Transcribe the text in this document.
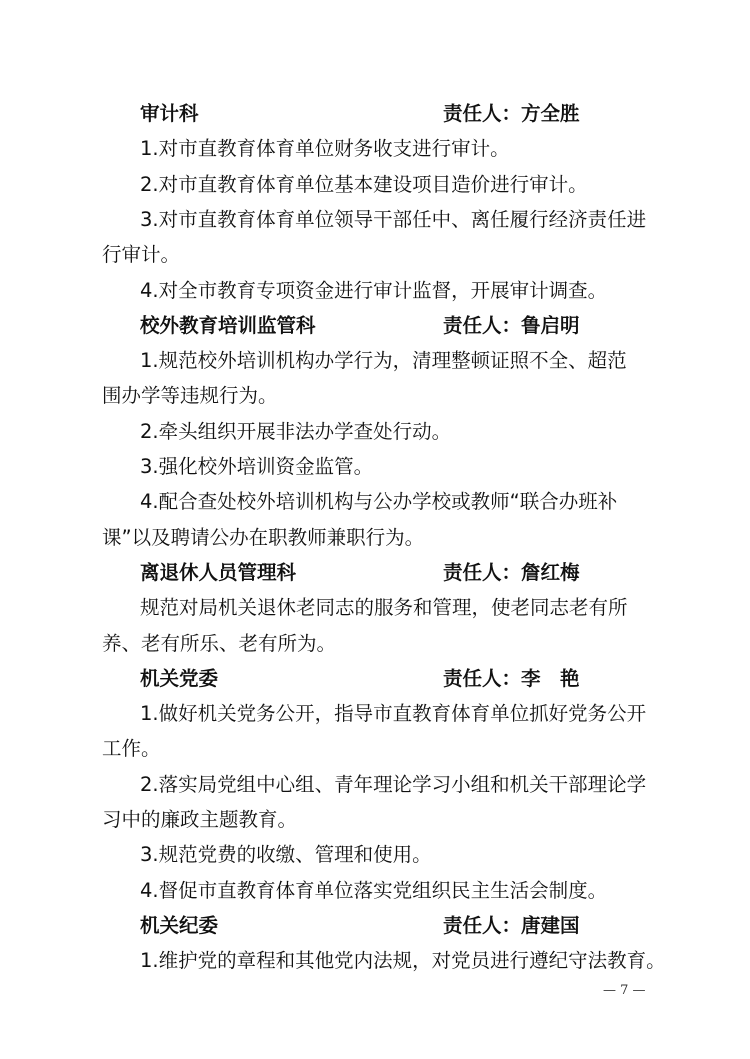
审计科	责任人：方全胜
1.对市直教育体育单位财务收支进行审计。
2.对市直教育体育单位基本建设项目造价进行审计。
3.对市直教育体育单位领导干部任中、离任履行经济责任进
行审计。
4.对全市教育专项资金进行审计监督，开展审计调查。
校外教育培训监管科	责任人：鲁启明
1.规范校外培训机构办学行为，清理整顿证照不全、超范
围办学等违规行为。
2.牵头组织开展非法办学查处行动。
3.强化校外培训资金监管。
4.配合查处校外培训机构与公办学校或教师“联合办班补
课”以及聘请公办在职教师兼职行为。
离退休人员管理科	责任人：詹红梅
规范对局机关退休老同志的服务和管理，使老同志老有所
养、老有所乐、老有所为。
机关党委	责任人：李　艳
1.做好机关党务公开，指导市直教育体育单位抓好党务公开
工作。
2.落实局党组中心组、青年理论学习小组和机关干部理论学
习中的廉政主题教育。
3.规范党费的收缴、管理和使用。
4.督促市直教育体育单位落实党组织民主生活会制度。
机关纪委	责任人：唐建国
1.维护党的章程和其他党内法规，对党员进行遵纪守法教育。
— 7 —
